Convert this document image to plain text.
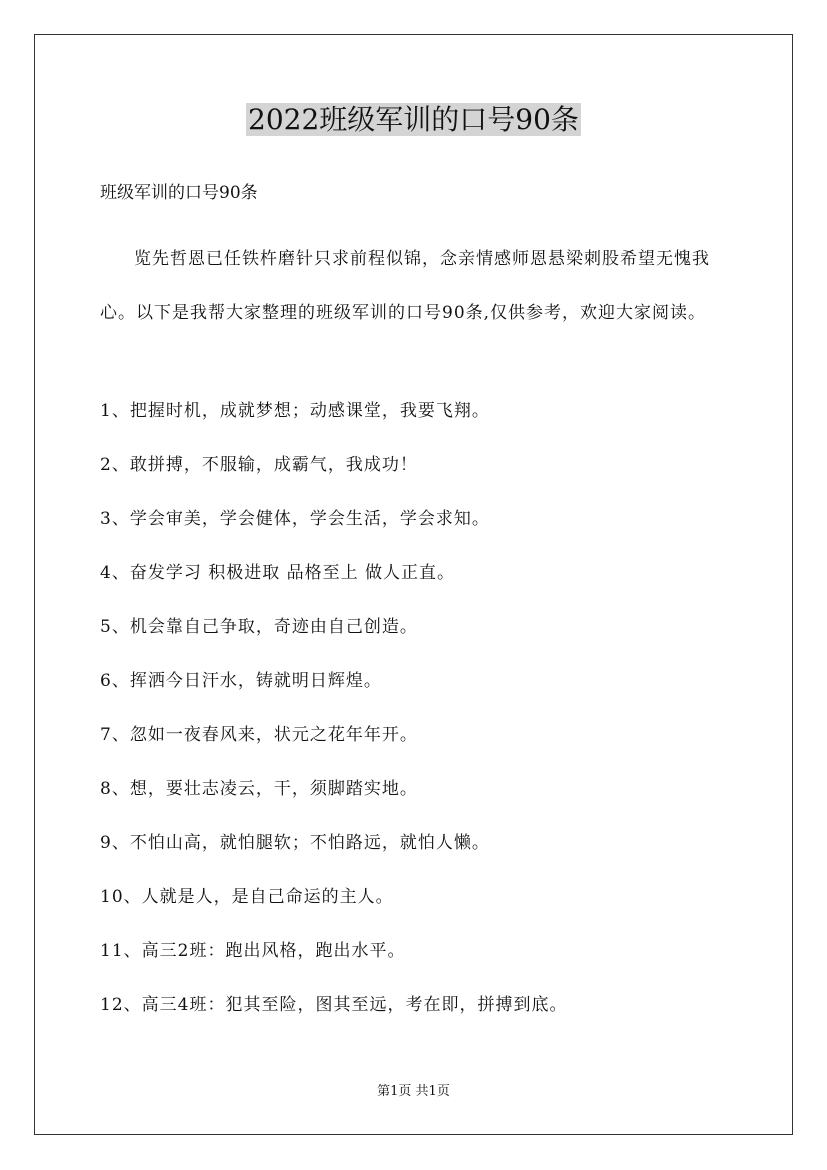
2022班级军训的口号90条
班级军训的口号90条
览先哲恩已任铁杵磨针只求前程似锦，念亲情感师恩悬梁刺股希望无愧我心。以下是我帮大家整理的班级军训的口号90条,仅供参考，欢迎大家阅读。
1、把握时机，成就梦想；动感课堂，我要飞翔。
2、敢拼搏，不服输，成霸气，我成功！
3、学会审美，学会健体，学会生活，学会求知。
4、奋发学习 积极进取 品格至上 做人正直。
5、机会靠自己争取，奇迹由自己创造。
6、挥洒今日汗水，铸就明日辉煌。
7、忽如一夜春风来，状元之花年年开。
8、想，要壮志凌云，干，须脚踏实地。
9、不怕山高，就怕腿软；不怕路远，就怕人懒。
10、人就是人，是自己命运的主人。
11、高三2班：跑出风格，跑出水平。
12、高三4班：犯其至险，图其至远，考在即，拼搏到底。
第1页 共1页
